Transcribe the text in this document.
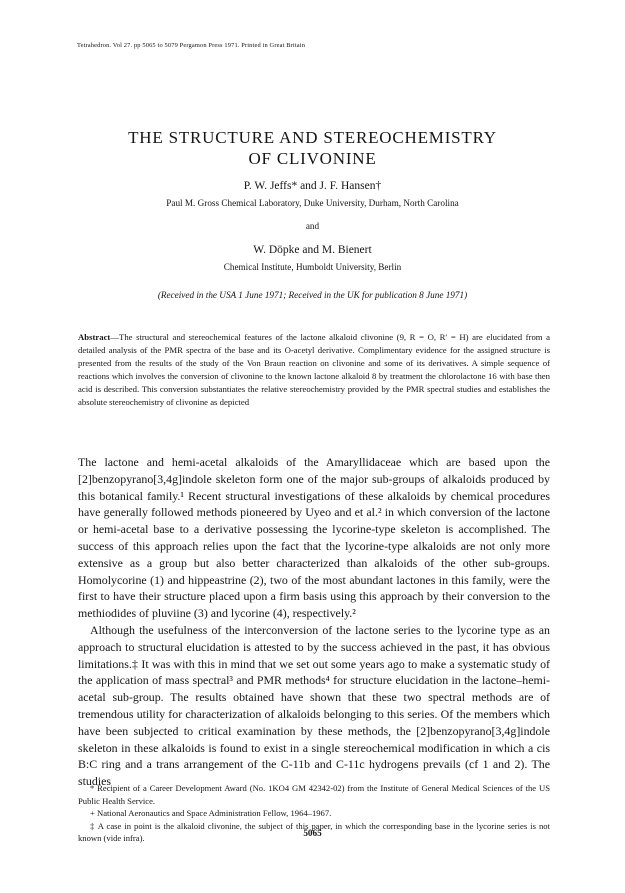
Tetrahedron. Vol 27. pp 5065 to 5079 Pergamon Press 1971. Printed in Great Britain
THE STRUCTURE AND STEREOCHEMISTRY
OF CLIVONINE
P. W. Jeffs* and J. F. Hansen†
Paul M. Gross Chemical Laboratory, Duke University, Durham, North Carolina
and
W. Döpke and M. Bienert
Chemical Institute, Humboldt University, Berlin
(Received in the USA 1 June 1971; Received in the UK for publication 8 June 1971)
Abstract—The structural and stereochemical features of the lactone alkaloid clivonine (9, R = O, R′ = H) are elucidated from a detailed analysis of the PMR spectra of the base and its O-acetyl derivative. Complimentary evidence for the assigned structure is presented from the results of the study of the Von Braun reaction on clivonine and some of its derivatives. A simple sequence of reactions which involves the conversion of clivonine to the known lactone alkaloid 8 by treatment the chlorolactone 16 with base then acid is described. This conversion substantiates the relative stereochemistry provided by the PMR spectral studies and establishes the absolute stereochemistry of clivonine as depicted

The lactone and hemi-acetal alkaloids of the Amaryllidaceae which are based upon the [2]benzopyrano[3,4g]indole skeleton form one of the major sub-groups of alkaloids produced by this botanical family.¹ Recent structural investigations of these alkaloids by chemical procedures have generally followed methods pioneered by Uyeo and et al.² in which conversion of the lactone or hemi-acetal base to a derivative possessing the lycorine-type skeleton is accomplished. The success of this approach relies upon the fact that the lycorine-type alkaloids are not only more extensive as a group but also better characterized than alkaloids of the other sub-groups. Homolycorine (1) and hippeastrine (2), two of the most abundant lactones in this family, were the first to have their structure placed upon a firm basis using this approach by their conversion to the methiodides of pluviine (3) and lycorine (4), respectively.²

Although the usefulness of the interconversion of the lactone series to the lycorine type as an approach to structural elucidation is attested to by the success achieved in the past, it has obvious limitations.‡ It was with this in mind that we set out some years ago to make a systematic study of the application of mass spectral³ and PMR methods⁴ for structure elucidation in the lactone–hemi-acetal sub-group. The results obtained have shown that these two spectral methods are of tremendous utility for characterization of alkaloids belonging to this series. Of the members which have been subjected to critical examination by these methods, the [2]benzopyrano[3,4g]indole skeleton in these alkaloids is found to exist in a single stereochemical modification in which a cis B:C ring and a trans arrangement of the C-11b and C-11c hydrogens prevails (cf 1 and 2). The studies

* Recipient of a Career Development Award (No. 1KO4 GM 42342-02) from the Institute of General Medical Sciences of the US Public Health Service.

+ National Aeronautics and Space Administration Fellow, 1964–1967.

‡ A case in point is the alkaloid clivonine, the subject of this paper, in which the corresponding base in the lycorine series is not known (vide infra).	5065
